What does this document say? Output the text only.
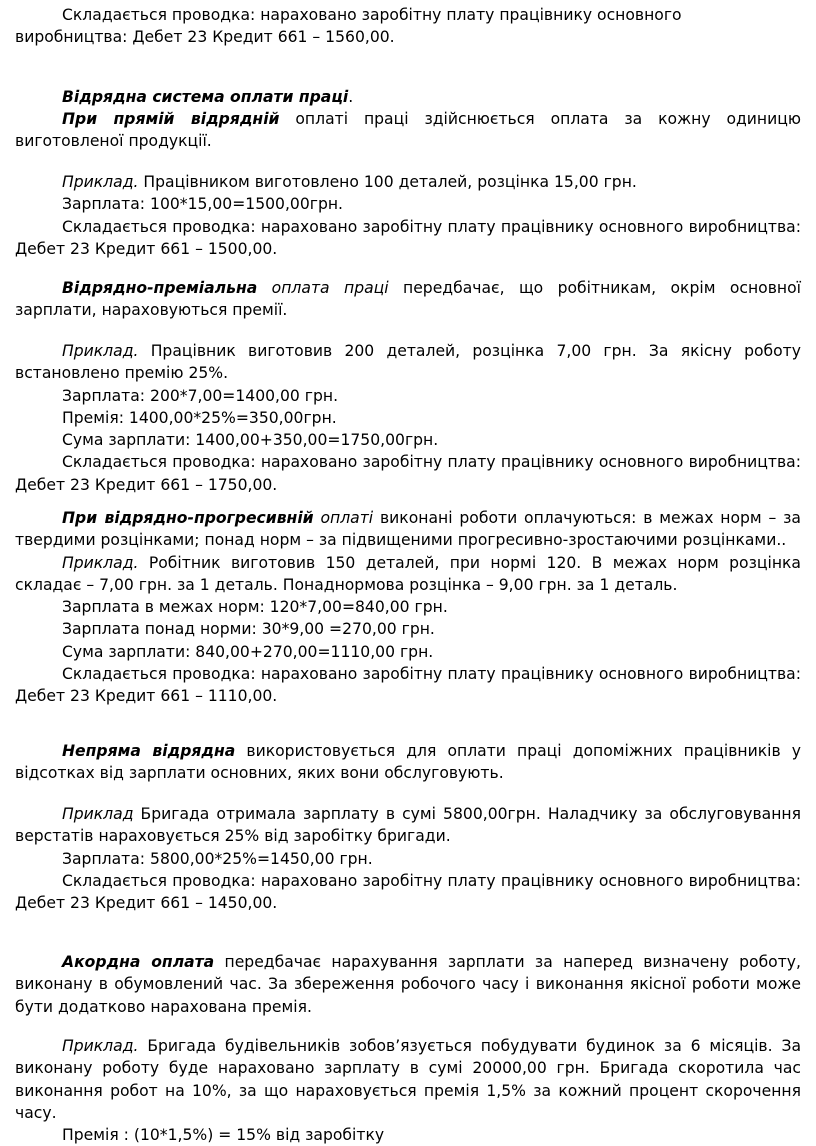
Складається проводка: нараховано заробітну плату працівнику основного

виробництва: Дебет 23 Кредит 661 – 1560,00.

Відрядна система оплати праці.

При прямій відрядній оплаті праці здійснюється оплата за кожну одиницю виготовленої продукції.

Приклад. Працівником виготовлено 100 деталей, розцінка 15,00 грн.

Зарплата: 100*15,00=1500,00грн.

Складається проводка: нараховано заробітну плату працівнику основного виробництва: Дебет 23 Кредит 661 – 1500,00.

Відрядно-преміальна оплата праці передбачає, що робітникам, окрім основної зарплати, нараховуються премії.

Приклад. Працівник виготовив 200 деталей, розцінка 7,00 грн. За якісну роботу встановлено премію 25%.

Зарплата: 200*7,00=1400,00 грн.

Премія: 1400,00*25%=350,00грн.

Сума зарплати: 1400,00+350,00=1750,00грн.

Складається проводка: нараховано заробітну плату працівнику основного виробництва: Дебет 23 Кредит 661 – 1750,00.

При відрядно-прогресивній оплаті виконані роботи оплачуються: в межах норм – за твердими розцінками; понад норм – за підвищеними прогресивно-зростаючими розцінками..

Приклад. Робітник виготовив 150 деталей, при нормі 120. В межах норм розцінка складає – 7,00 грн. за 1 деталь. Понаднормова розцінка – 9,00 грн. за 1 деталь.

Зарплата в межах норм: 120*7,00=840,00 грн.

Зарплата понад норми: 30*9,00 =270,00 грн.

Сума зарплати: 840,00+270,00=1110,00 грн.

Складається проводка: нараховано заробітну плату працівнику основного виробництва: Дебет 23 Кредит 661 – 1110,00.

Непряма відрядна використовується для оплати праці допоміжних працівників у відсотках від зарплати основних, яких вони обслуговують.

Приклад Бригада отримала зарплату в сумі 5800,00грн. Наладчику за обслуговування верстатів нараховується 25% від заробітку бригади.

Зарплата: 5800,00*25%=1450,00 грн.

Складається проводка: нараховано заробітну плату працівнику основного виробництва: Дебет 23 Кредит 661 – 1450,00.

Акордна оплата передбачає нарахування зарплати за наперед визначену роботу, виконану в обумовлений час. За збереження робочого часу і виконання якісної роботи може бути додатково нарахована премія.

Приклад. Бригада будівельників зобов’язується побудувати будинок за 6 місяців. За виконану роботу буде нараховано зарплату в сумі 20000,00 грн. Бригада скоротила час виконання робот на 10%, за що нараховується премія 1,5% за кожний процент скорочення часу.

Премія : (10*1,5%) = 15% від заробітку
